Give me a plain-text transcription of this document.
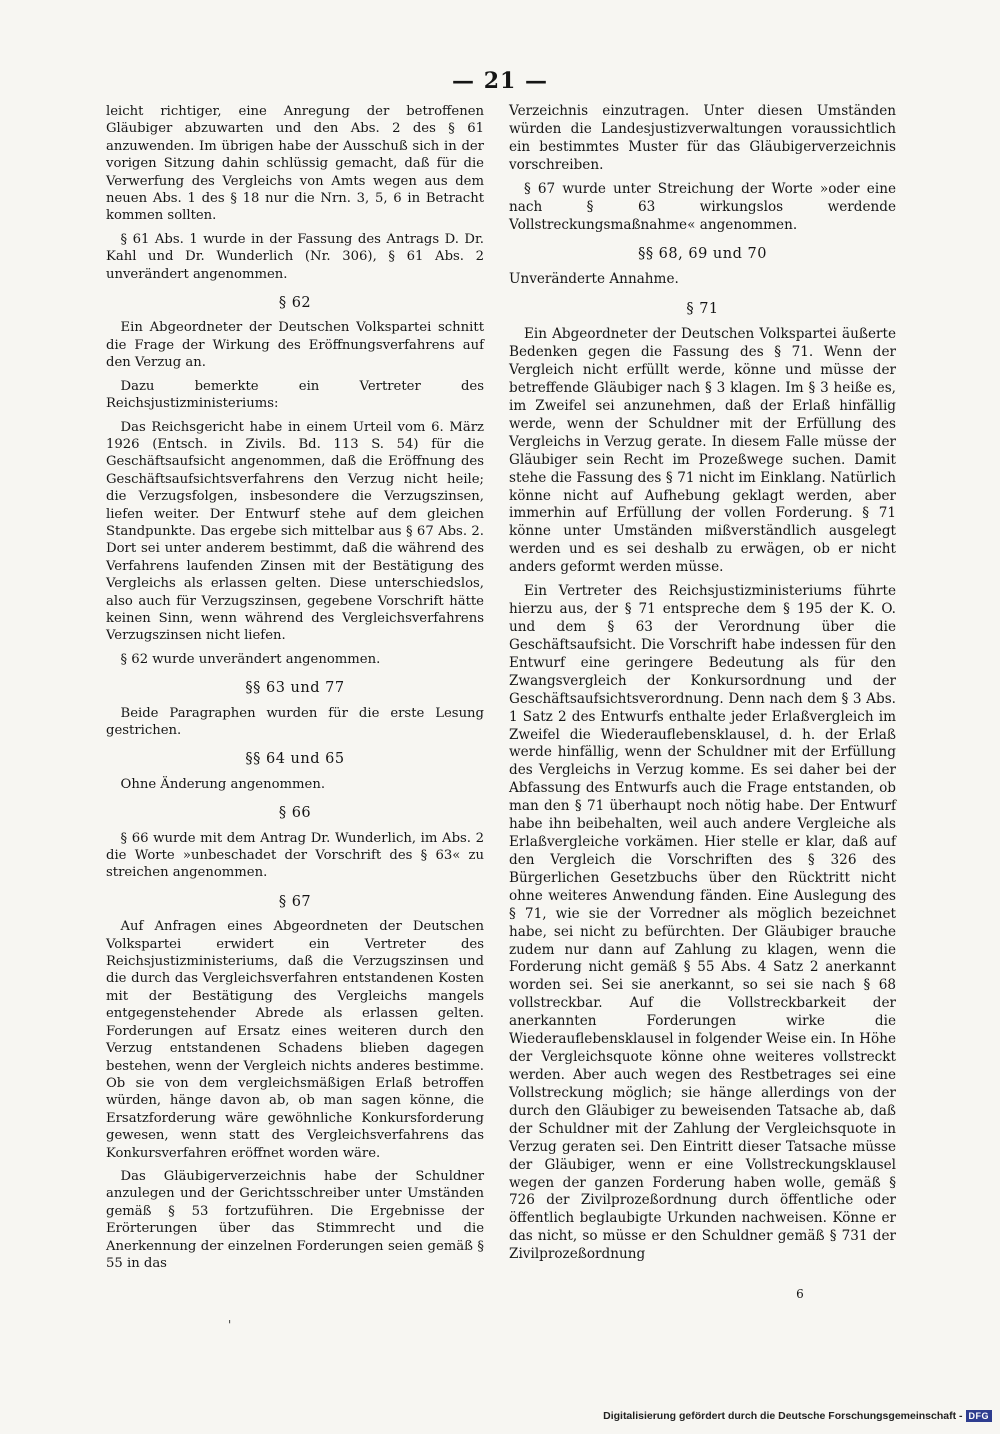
— 21 —

leicht richtiger, eine Anregung der betroffenen Gläubiger abzuwarten und den Abs. 2 des § 61 anzuwenden. Im übrigen habe der Ausschuß sich in der vorigen Sitzung dahin schlüssig gemacht, daß für die Verwerfung des Vergleichs von Amts wegen aus dem neuen Abs. 1 des § 18 nur die Nrn. 3, 5, 6 in Betracht kommen sollten.

§ 61 Abs. 1 wurde in der Fassung des Antrags D. Dr. Kahl und Dr. Wunderlich (Nr. 306), § 61 Abs. 2 unverändert angenommen.

§ 62

Ein Abgeordneter der Deutschen Volkspartei schnitt die Frage der Wirkung des Eröffnungsverfahrens auf den Verzug an.

Dazu bemerkte ein Vertreter des Reichsjustizministeriums:

Das Reichsgericht habe in einem Urteil vom 6. März 1926 (Entsch. in Zivils. Bd. 113 S. 54) für die Geschäftsaufsicht angenommen, daß die Eröffnung des Geschäftsaufsichtsverfahrens den Verzug nicht heile; die Verzugsfolgen, insbesondere die Verzugszinsen, liefen weiter. Der Entwurf stehe auf dem gleichen Standpunkte. Das ergebe sich mittelbar aus § 67 Abs. 2. Dort sei unter anderem bestimmt, daß die während des Verfahrens laufenden Zinsen mit der Bestätigung des Vergleichs als erlassen gelten. Diese unterschiedslos, also auch für Verzugszinsen, gegebene Vorschrift hätte keinen Sinn, wenn während des Vergleichsverfahrens Verzugszinsen nicht liefen.

§ 62 wurde unverändert angenommen.

§§ 63 und 77

Beide Paragraphen wurden für die erste Lesung gestrichen.

§§ 64 und 65

Ohne Änderung angenommen.

§ 66

§ 66 wurde mit dem Antrag Dr. Wunderlich, im Abs. 2 die Worte »unbeschadet der Vorschrift des § 63« zu streichen angenommen.

§ 67

Auf Anfragen eines Abgeordneten der Deutschen Volkspartei erwidert ein Vertreter des Reichsjustizministeriums, daß die Verzugszinsen und die durch das Vergleichsverfahren entstandenen Kosten mit der Bestätigung des Vergleichs mangels entgegenstehender Abrede als erlassen gelten. Forderungen auf Ersatz eines weiteren durch den Verzug entstandenen Schadens blieben dagegen bestehen, wenn der Vergleich nichts anderes bestimme. Ob sie von dem vergleichsmäßigen Erlaß betroffen würden, hänge davon ab, ob man sagen könne, die Ersatzforderung wäre gewöhnliche Konkursforderung gewesen, wenn statt des Vergleichsverfahrens das Konkursverfahren eröffnet worden wäre.

Das Gläubigerverzeichnis habe der Schuldner anzulegen und der Gerichtsschreiber unter Umständen gemäß § 53 fortzuführen. Die Ergebnisse der Erörterungen über das Stimmrecht und die Anerkennung der einzelnen Forderungen seien gemäß § 55 in das

Verzeichnis einzutragen. Unter diesen Umständen würden die Landesjustizverwaltungen voraussichtlich ein bestimmtes Muster für das Gläubigerverzeichnis vorschreiben.

§ 67 wurde unter Streichung der Worte »oder eine nach § 63 wirkungslos werdende Vollstreckungsmaßnahme« angenommen.

§§ 68, 69 und 70

Unveränderte Annahme.

§ 71

Ein Abgeordneter der Deutschen Volkspartei äußerte Bedenken gegen die Fassung des § 71. Wenn der Vergleich nicht erfüllt werde, könne und müsse der betreffende Gläubiger nach § 3 klagen. Im § 3 heiße es, im Zweifel sei anzunehmen, daß der Erlaß hinfällig werde, wenn der Schuldner mit der Erfüllung des Vergleichs in Verzug gerate. In diesem Falle müsse der Gläubiger sein Recht im Prozeßwege suchen. Damit stehe die Fassung des § 71 nicht im Einklang. Natürlich könne nicht auf Aufhebung geklagt werden, aber immerhin auf Erfüllung der vollen Forderung. § 71 könne unter Umständen mißverständlich ausgelegt werden und es sei deshalb zu erwägen, ob er nicht anders geformt werden müsse.

Ein Vertreter des Reichsjustizministeriums führte hierzu aus, der § 71 entspreche dem § 195 der K. O. und dem § 63 der Verordnung über die Geschäftsaufsicht. Die Vorschrift habe indessen für den Entwurf eine geringere Bedeutung als für den Zwangsvergleich der Konkursordnung und der Geschäftsaufsichtsverordnung. Denn nach dem § 3 Abs. 1 Satz 2 des Entwurfs enthalte jeder Erlaßvergleich im Zweifel die Wiederauflebensklausel, d. h. der Erlaß werde hinfällig, wenn der Schuldner mit der Erfüllung des Vergleichs in Verzug komme. Es sei daher bei der Abfassung des Entwurfs auch die Frage entstanden, ob man den § 71 überhaupt noch nötig habe. Der Entwurf habe ihn beibehalten, weil auch andere Vergleiche als Erlaßvergleiche vorkämen. Hier stelle er klar, daß auf den Vergleich die Vorschriften des § 326 des Bürgerlichen Gesetzbuchs über den Rücktritt nicht ohne weiteres Anwendung fänden. Eine Auslegung des § 71, wie sie der Vorredner als möglich bezeichnet habe, sei nicht zu befürchten. Der Gläubiger brauche zudem nur dann auf Zahlung zu klagen, wenn die Forderung nicht gemäß § 55 Abs. 4 Satz 2 anerkannt worden sei. Sei sie anerkannt, so sei sie nach § 68 vollstreckbar. Auf die Vollstreckbarkeit der anerkannten Forderungen wirke die Wiederauflebensklausel in folgender Weise ein. In Höhe der Vergleichsquote könne ohne weiteres vollstreckt werden. Aber auch wegen des Restbetrages sei eine Vollstreckung möglich; sie hänge allerdings von der durch den Gläubiger zu beweisenden Tatsache ab, daß der Schuldner mit der Zahlung der Vergleichsquote in Verzug geraten sei. Den Eintritt dieser Tatsache müsse der Gläubiger, wenn er eine Vollstreckungsklausel wegen der ganzen Forderung haben wolle, gemäß § 726 der Zivilprozeßordnung durch öffentliche oder öffentlich beglaubigte Urkunden nachweisen. Könne er das nicht, so müsse er den Schuldner gemäß § 731 der Zivilprozeßordnung

6
'
Digitalisierung gefördert durch die Deutsche Forschungsgemeinschaft - DFG
